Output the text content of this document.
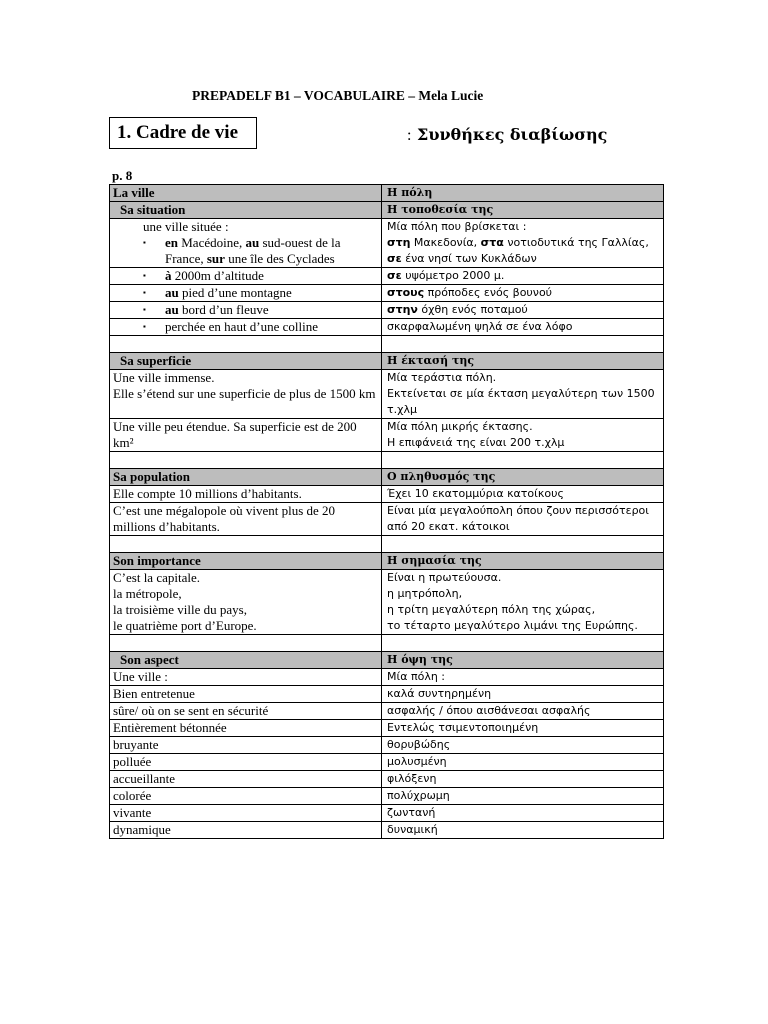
PREPADELF B1 – VOCABULAIRE – Mela Lucie
1. Cadre de vie	: Συνθήκες διαβίωσης
p. 8
La ville	Η πόλη
Sa situation	Η τοποθεσία της

une ville située :
▪ en Macédoine, au sud-ouest de la France, sur une île des Cyclades	Μία πόλη που βρίσκεται :
στη Μακεδονία, στα νοτιοδυτικά της Γαλλίας, σε ένα νησί των Κυκλάδων

▪ à 2000m d’altitude	σε υψόμετρο 2000 μ.

▪ au pied d’une montagne	στους πρόποδες ενός βουνού

▪ au bord d’un fleuve	στην όχθη ενός ποταμού

▪ perchée en haut d’une colline	σκαρφαλωμένη ψηλά σε ένα λόφο

Sa superficie	Η έκτασή της

Une ville immense.
Elle s’étend sur une superficie de plus de 1500 km	Μία τεράστια πόλη.
Εκτείνεται σε μία έκταση μεγαλύτερη των 1500 τ.χλμ

Une ville peu étendue. Sa superficie est de 200 km²	Μία πόλη μικρής έκτασης.
Η επιφάνειά της είναι 200 τ.χλμ

Sa population	Ο πληθυσμός της

Elle compte 10 millions d’habitants.	Έχει 10 εκατομμύρια κατοίκους

C’est une mégalopole où vivent plus de 20 millions d’habitants.	Είναι μία μεγαλούπολη όπου ζουν περισσότεροι από 20 εκατ. κάτοικοι

Son importance	Η σημασία της

C’est la capitale.
la métropole,
la troisième ville du pays,
le quatrième port d’Europe.	Είναι η πρωτεύουσα.
η μητρόπολη,
η τρίτη μεγαλύτερη πόλη της χώρας,
το τέταρτο μεγαλύτερο λιμάνι της Ευρώπης.

Son aspect	Η όψη της

Une ville :	Μία πόλη :

Bien entretenue	καλά συντηρημένη

sûre/ où on se sent en sécurité	ασφαλής / όπου αισθάνεσαι ασφαλής

Entièrement bétonnée	Εντελώς τσιμεντοποιημένη

bruyante	θορυβώδης

polluée	μολυσμένη

accueillante	φιλόξενη

colorée	πολύχρωμη

vivante	ζωντανή

dynamique	δυναμική
